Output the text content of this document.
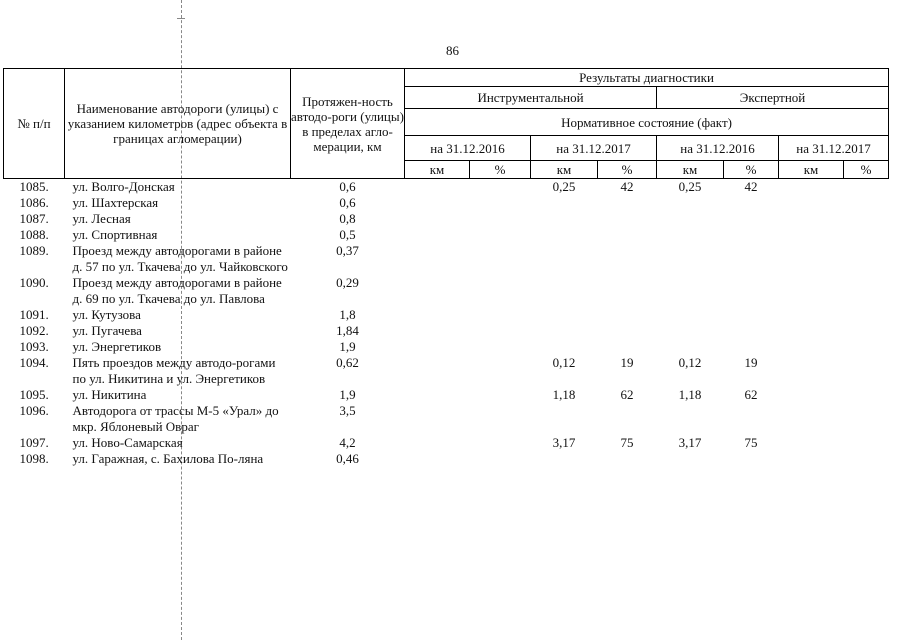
86
№ п/п	Наименование автодороги (улицы) с указанием километров (адрес объекта в границах агломерации)	Протяжен-ность автодо-роги (улицы) в пределах агло-мерации, км	Результаты диагностики							
			Инструментальной				Экспертной			
			Нормативное состояние (факт)							
			на 31.12.2016		на 31.12.2017		на 31.12.2016		на 31.12.2017	
			км	%	км	%	км	%	км	%
1085.	ул. Волго-Донская	0,6			0,25	42	0,25	42		
1086.	ул. Шахтерская	0,6								
1087.	ул. Лесная	0,8								
1088.	ул. Спортивная	0,5								
1089.	Проезд между автодорогами в районе д. 57 по ул. Ткачева до ул. Чайковского	0,37								
1090.	Проезд между автодорогами в районе д. 69 по ул. Ткачева до ул. Павлова	0,29								
1091.	ул. Кутузова	1,8								
1092.	ул. Пугачева	1,84								
1093.	ул. Энергетиков	1,9								
1094.	Пять проездов между автодо-рогами по ул. Никитина и ул. Энергетиков	0,62			0,12	19	0,12	19		
1095.	ул. Никитина	1,9			1,18	62	1,18	62		
1096.	Автодорога от трассы М-5 «Урал» до мкр. Яблоневый Овраг	3,5								
1097.	ул. Ново-Самарская	4,2			3,17	75	3,17	75		
1098.	ул. Гаражная, с. Бахилова По-ляна	0,46								
